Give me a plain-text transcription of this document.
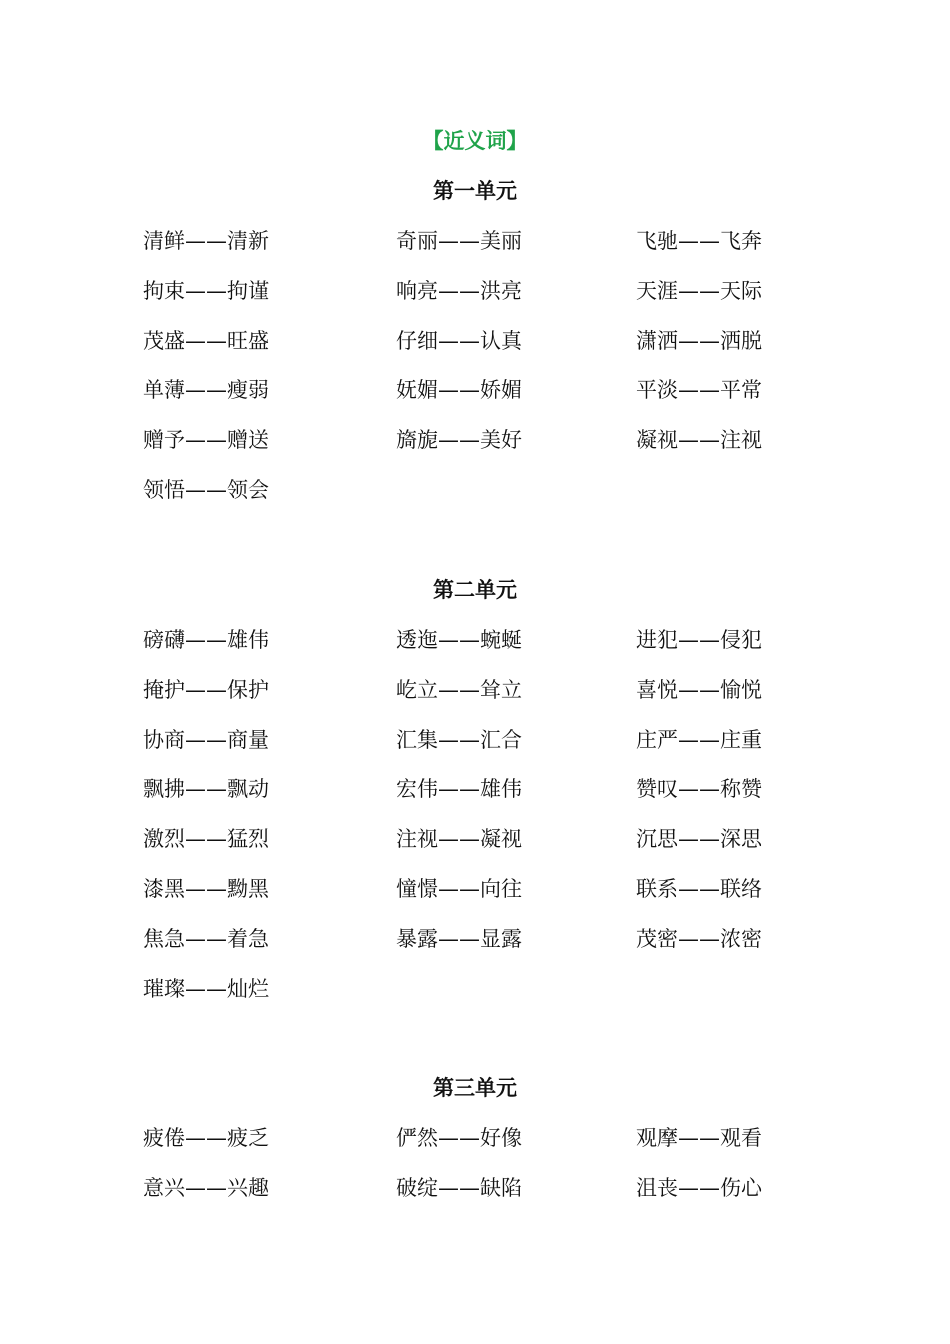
【近义词】
第一单元
清鲜——清新	奇丽——美丽	飞驰——飞奔
拘束——拘谨	响亮——洪亮	天涯——天际
茂盛——旺盛	仔细——认真	潇洒——洒脱
单薄——瘦弱	妩媚——娇媚	平淡——平常
赠予——赠送	旖旎——美好	凝视——注视
领悟——领会
第二单元
磅礴——雄伟	透迤——蜿蜒	进犯——侵犯
掩护——保护	屹立——耸立	喜悦——愉悦
协商——商量	汇集——汇合	庄严——庄重
飘拂——飘动	宏伟——雄伟	赞叹——称赞
激烈——猛烈	注视——凝视	沉思——深思
漆黑——黝黑	憧憬——向往	联系——联络
焦急——着急	暴露——显露	茂密——浓密
璀璨——灿烂
第三单元
疲倦——疲乏	俨然——好像	观摩——观看
意兴——兴趣	破绽——缺陷	沮丧——伤心
